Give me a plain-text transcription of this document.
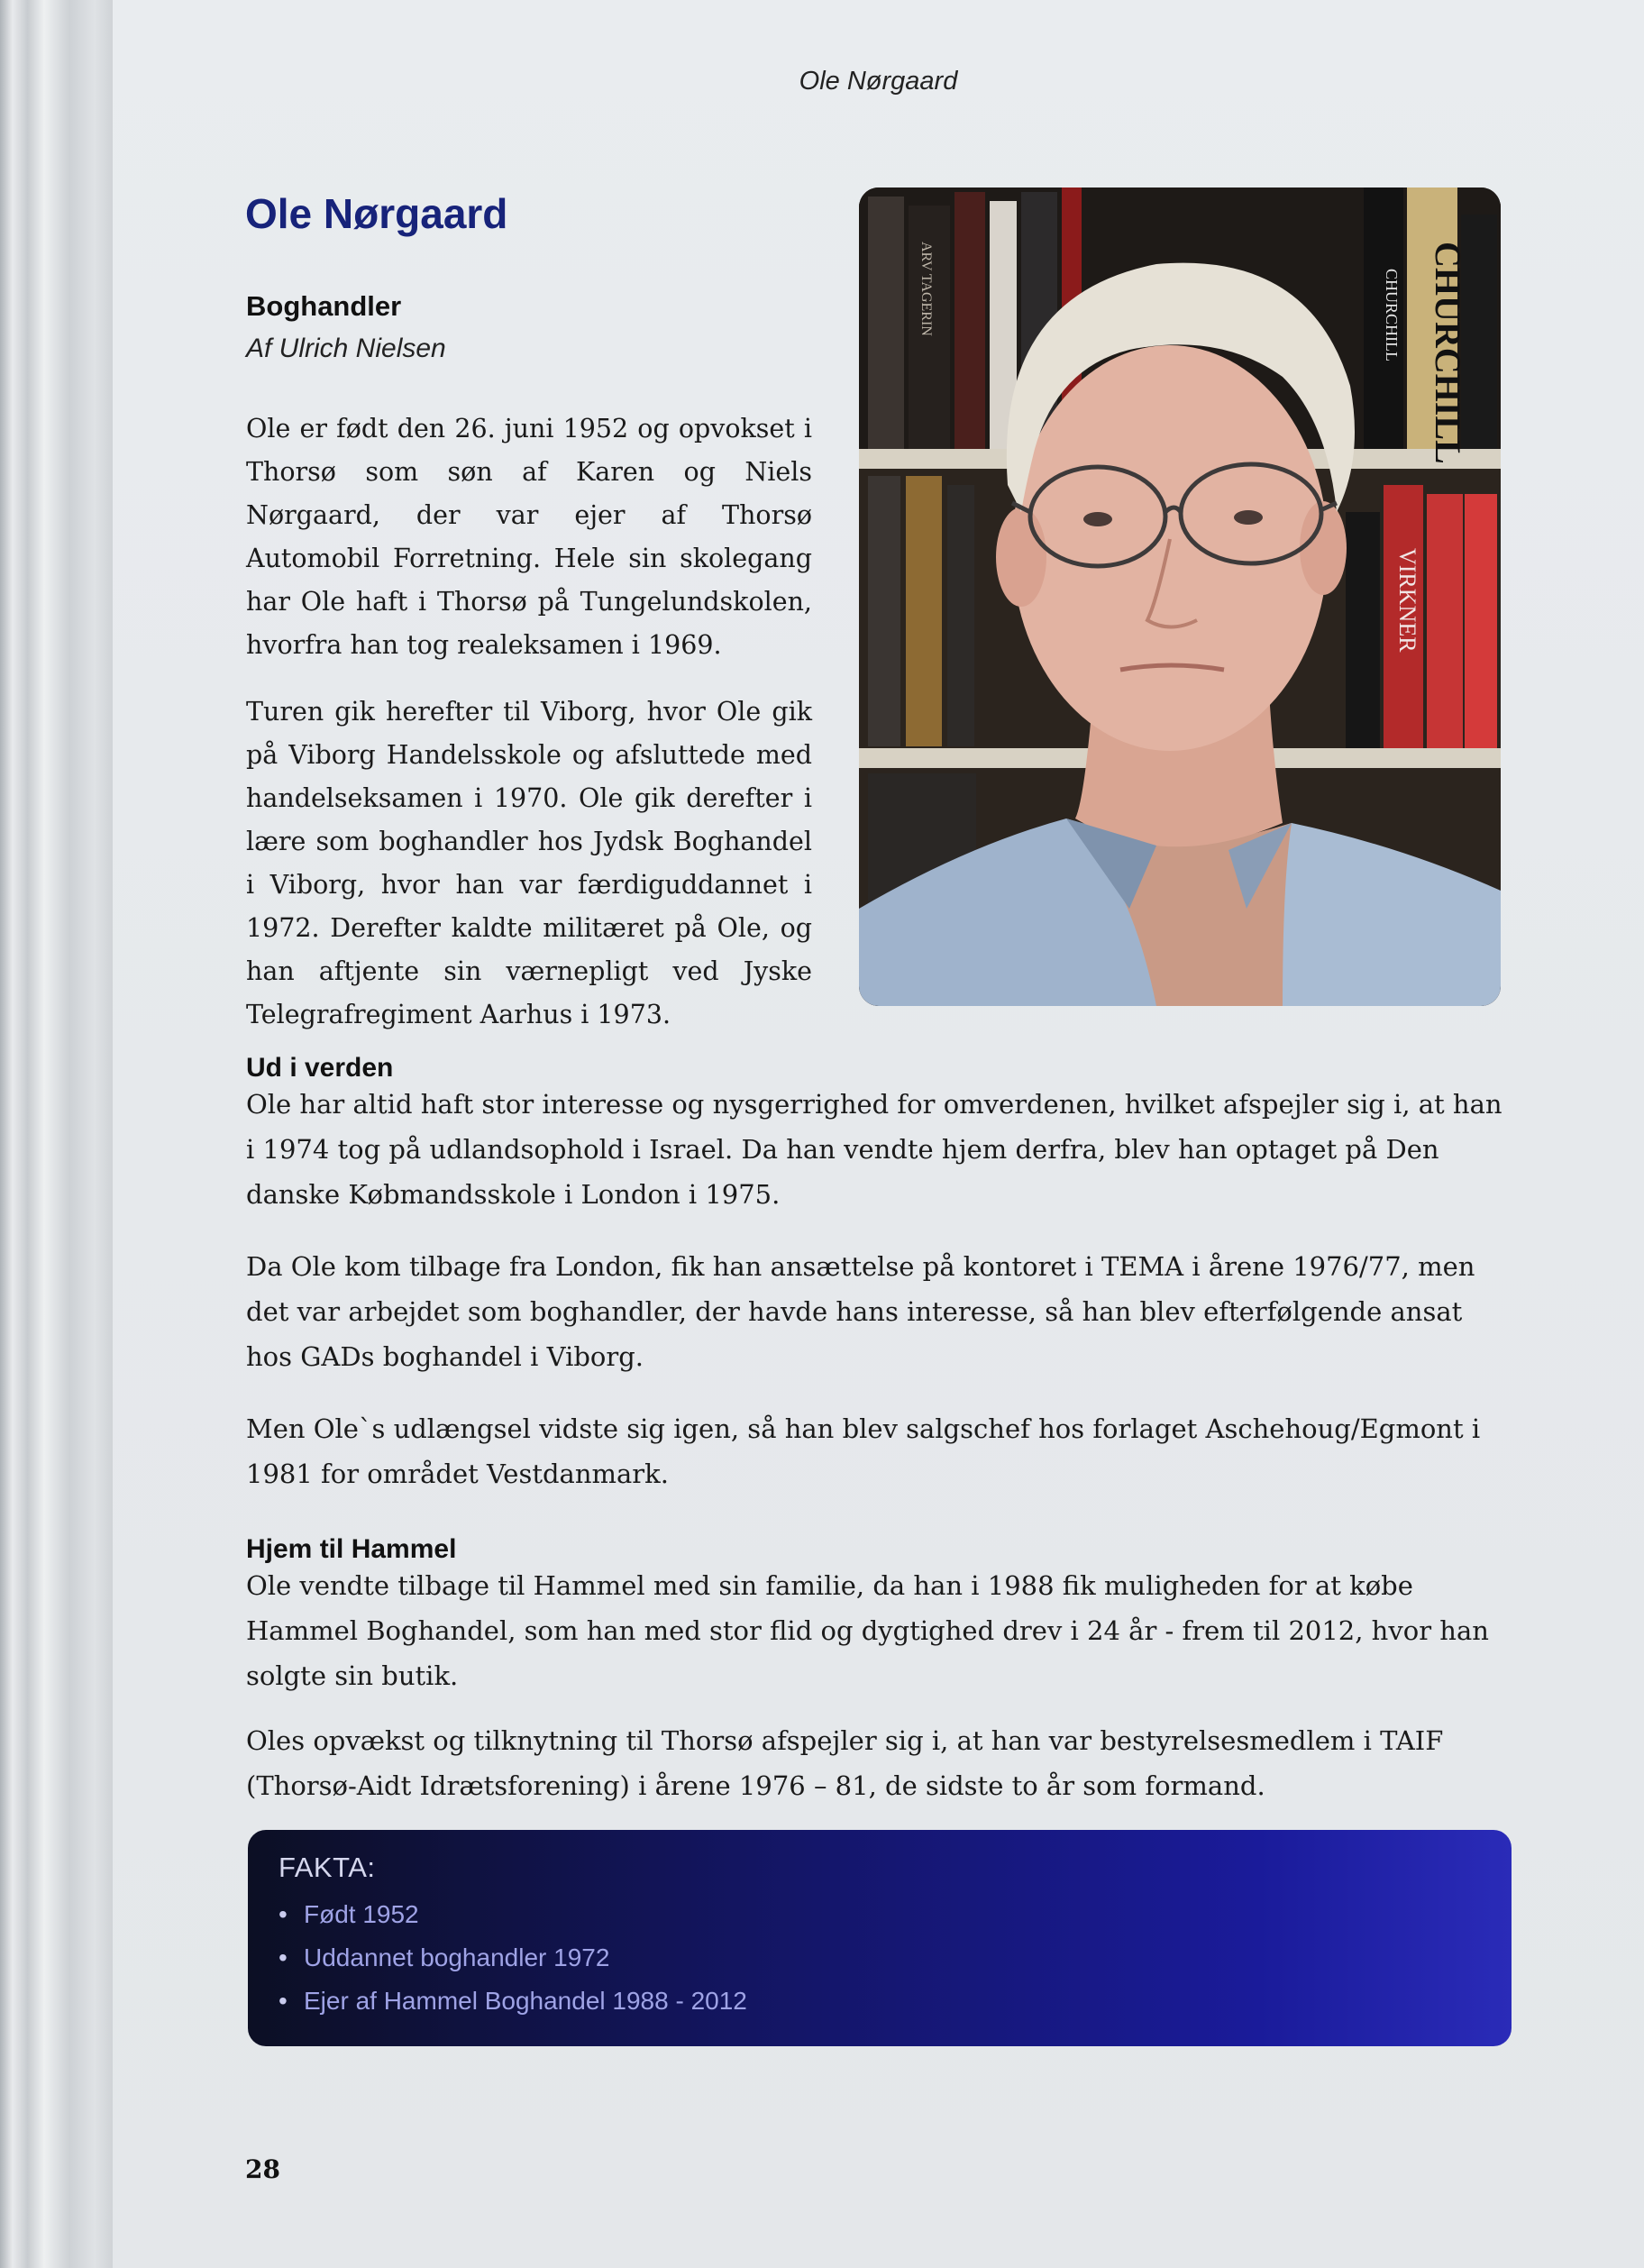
Ole Nørgaard
Ole Nørgaard
Boghandler
Af Ulrich Nielsen

Ole er født den 26. juni 1952 og opvokset i Thorsø som søn af Karen og Niels Nørgaard, der var ejer af Thorsø Automobil Forretning. Hele sin skolegang har Ole haft i Thorsø på Tungelundskolen, hvorfra han tog realeksamen i 1969.

Turen gik herefter til Viborg, hvor Ole gik på Viborg Handelsskole og afsluttede med handelseksamen i 1970. Ole gik derefter i lære som boghandler hos Jydsk Boghandel i Viborg, hvor han var færdiguddannet i 1972. Derefter kaldte militæret på Ole, og han aftjente sin værnepligt ved Jyske Telegrafregiment Aarhus i 1973.

CHURCHILL
CHURCHILL
ARV TAGERIN
VIRKNER
Ud i verden

Ole har altid haft stor interesse og nysgerrighed for omverdenen, hvilket afspejler sig i, at han i 1974 tog på udlandsophold i Israel. Da han vendte hjem derfra, blev han optaget på Den danske Købmandsskole i London i 1975.

Da Ole kom tilbage fra London, fik han ansættelse på kontoret i TEMA i årene 1976/77, men det var arbejdet som boghandler, der havde hans interesse, så han blev efterfølgende ansat hos GADs boghandel i Viborg.

Men Ole`s udlængsel vidste sig igen, så han blev salgschef hos forlaget Aschehoug/Egmont i 1981 for området Vestdanmark.

Hjem til Hammel

Ole vendte tilbage til Hammel med sin familie, da han i 1988 fik muligheden for at købe Hammel Boghandel, som han med stor flid og dygtighed drev i 24 år - frem til 2012, hvor han solgte sin butik.

Oles opvækst og tilknytning til Thorsø afspejler sig i, at han var bestyrelsesmedlem i TAIF (Thorsø-Aidt Idrætsforening) i årene 1976 – 81, de sidste to år som formand.

FAKTA:
• Født 1952
• Uddannet boghandler 1972
• Ejer af Hammel Boghandel 1988 - 2012
28
